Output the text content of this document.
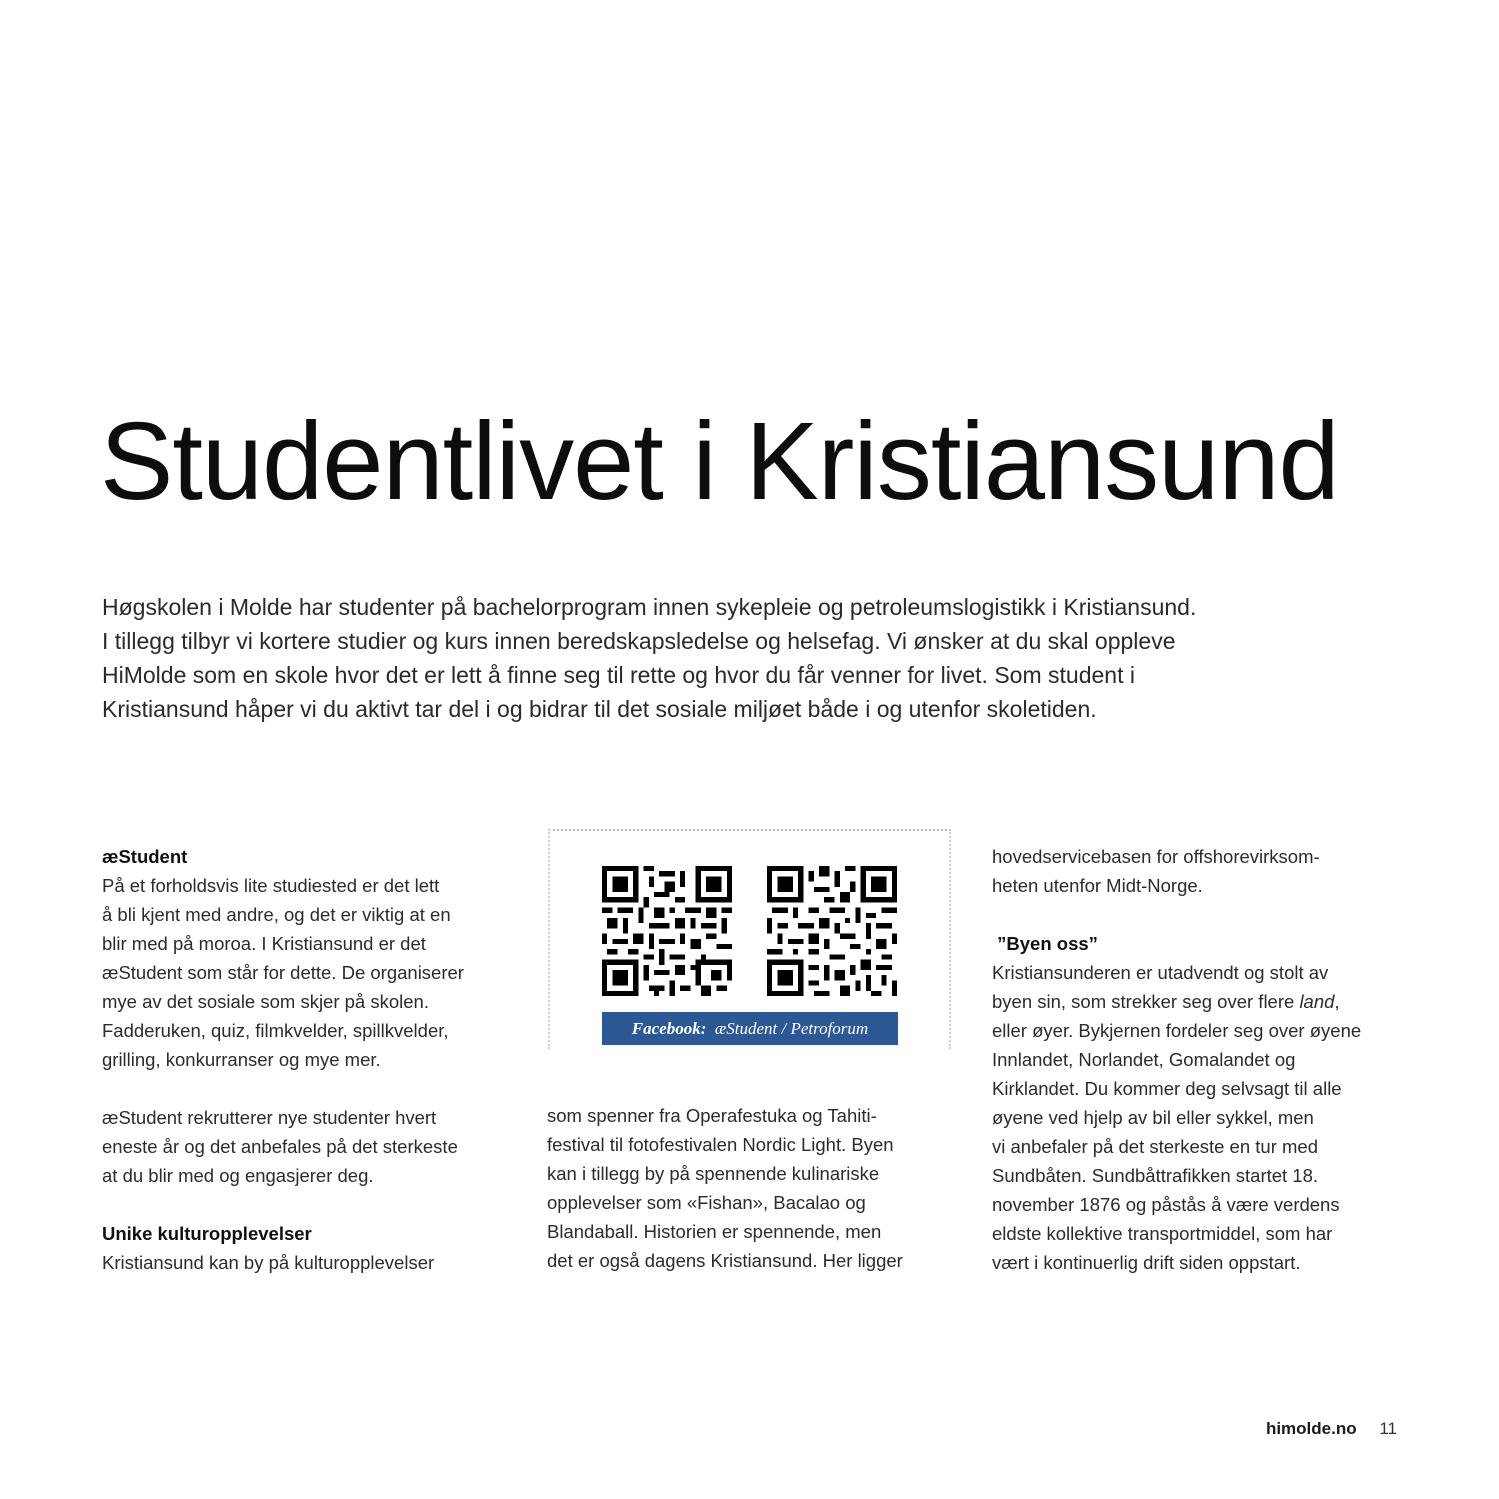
Studentlivet i Kristiansund
Høgskolen i Molde har studenter på bachelorprogram innen sykepleie og petroleumslogistikk i Kristiansund.
I tillegg tilbyr vi kortere studier og kurs innen beredskapsledelse og helsefag. Vi ønsker at du skal oppleve
HiMolde som en skole hvor det er lett å finne seg til rette og hvor du får venner for livet. Som student i
Kristiansund håper vi du aktivt tar del i og bidrar til det sosiale miljøet både i og utenfor skoletiden.
æStudent

På et forholdsvis lite studiested er det lett
å bli kjent med andre, og det er viktig at en
blir med på moroa. I Kristiansund er det
æStudent som står for dette. De organiserer
mye av det sosiale som skjer på skolen.
Fadderuken, quiz, filmkvelder, spillkvelder,
grilling, konkurranser og mye mer.

æStudent rekrutterer nye studenter hvert
eneste år og det anbefales på det sterkeste
at du blir med og engasjerer deg.

Unike kulturopplevelser

Kristiansund kan by på kulturopplevelser

Facebook: æStudent / Petroforum

som spenner fra Operafestuka og Tahiti-
festival til fotofestivalen Nordic Light. Byen
kan i tillegg by på spennende kulinariske
opplevelser som «Fishan», Bacalao og
Blandaball. Historien er spennende, men
det er også dagens Kristiansund. Her ligger

hovedservicebasen for offshorevirksom-
heten utenfor Midt-Norge.

”Byen oss”

Kristiansunderen er utadvendt og stolt av
byen sin, som strekker seg over flere land,
eller øyer. Bykjernen fordeler seg over øyene
Innlandet, Norlandet, Gomalandet og
Kirklandet. Du kommer deg selvsagt til alle
øyene ved hjelp av bil eller sykkel, men
vi anbefaler på det sterkeste en tur med
Sundbåten. Sundbåttrafikken startet 18.
november 1876 og påstås å være verdens
eldste kollektive transportmiddel, som har
vært i kontinuerlig drift siden oppstart.

himolde.no 11
